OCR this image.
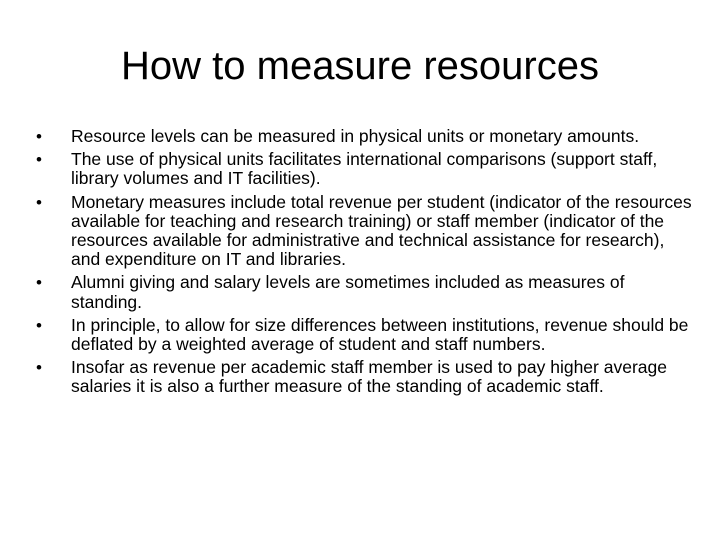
How to measure resources
• Resource levels can be measured in physical units or monetary amounts.
• The use of physical units facilitates international comparisons (support staff, library volumes and IT facilities).
• Monetary measures include total revenue per student (indicator of the resources available for teaching and research training) or staff member (indicator of the resources available for administrative and technical assistance for research), and expenditure on IT and libraries.
• Alumni giving and salary levels are sometimes included as measures of standing.
• In principle, to allow for size differences between institutions, revenue should be deflated by a weighted average of student and staff numbers.
• Insofar as revenue per academic staff member is used to pay higher average salaries it is also a further measure of the standing of academic staff.
